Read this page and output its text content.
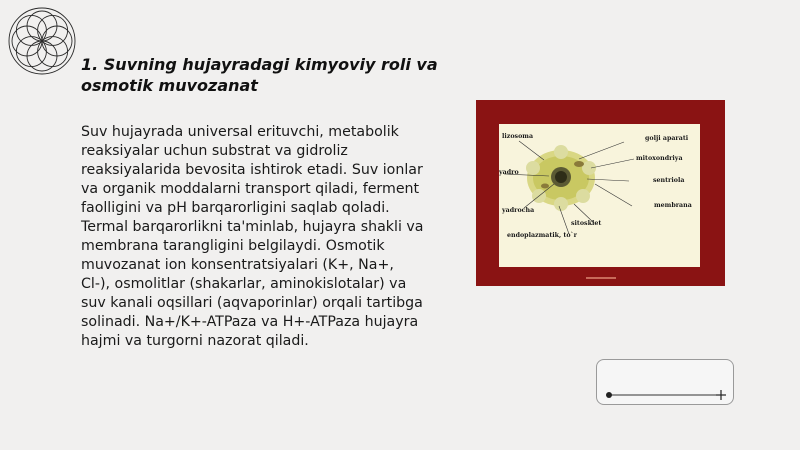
1. Suvning hujayradagi kimyoviy roli va osmotik muvozanat
Suv hujayrada universal erituvchi, metabolik reaksiyalar uchun substrat va gidroliz reaksiyalarida bevosita ishtirok etadi. Suv ionlar va organik moddalarni transport qiladi, ferment faolligini va pH barqarorligini saqlab qoladi. Termal barqarorlikni ta'minlab, hujayra shakli va membrana tarangligini belgilaydi. Osmotik muvozanat ion konsentratsiyalari (K+, Na+, Cl-), osmolitlar (shakarlar, aminokislotalar) va suv kanali oqsillari (aqvaporinlar) orqali tartibga solinadi. Na+/K+-ATPaza va H+-ATPaza hujayra hajmi va turgorni nazorat qiladi.
lizosoma	golji aparati
mitoxondriya
yadro
sentriola
membrana
yadrocha
sitosklet
endoplazmatik, to`r
